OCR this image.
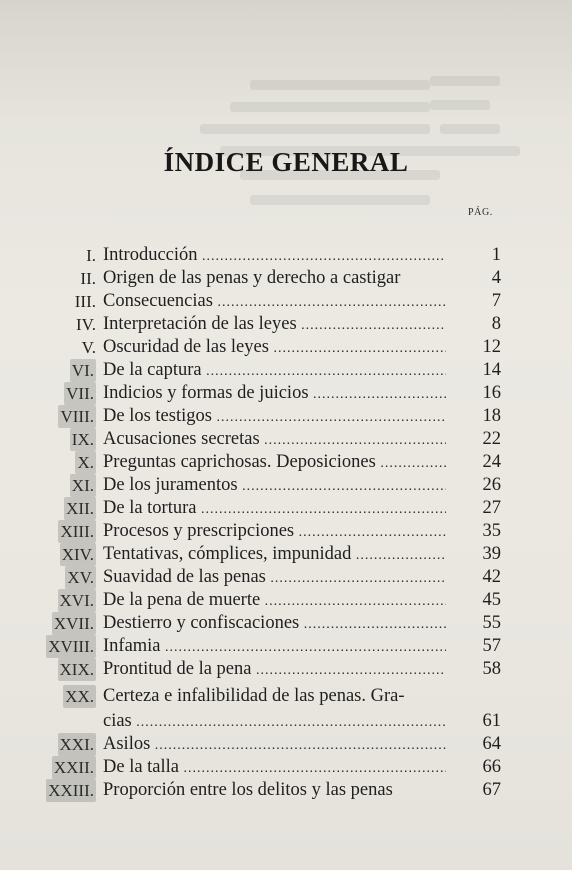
ÍNDICE GENERAL
PÁG.
I. Introducción .....	1
II. Origen de las penas y derecho a castigar	4
III. Consecuencias .....	7
IV. Interpretación de las leyes .....	8
V. Oscuridad de las leyes .....	12
VI. De la captura .....	14
VII. Indicios y formas de juicios .....	16
VIII. De los testigos .....	18
IX. Acusaciones secretas .....	22
X. Preguntas caprichosas. Deposiciones .....	24
XI. De los juramentos .....	26
XII. De la tortura .....	27
XIII. Procesos y prescripciones .....	35
XIV. Tentativas, cómplices, impunidad .....	39
XV. Suavidad de las penas .....	42
XVI. De la pena de muerte .....	45
XVII. Destierro y confiscaciones .....	55
XVIII. Infamia .....	57
XIX. Prontitud de la pena .....	58
XX. Certeza e infalibilidad de las penas. Gra-
cias .....	61
XXI. Asilos .....	64
XXII. De la talla .....	66
XXIII. Proporción entre los delitos y las penas	67
